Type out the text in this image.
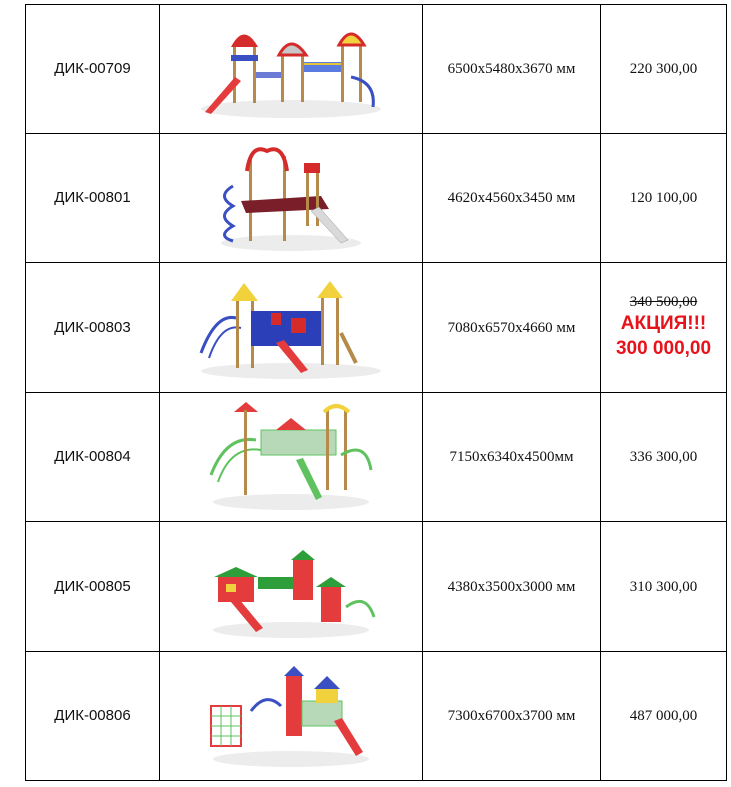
ДИК-00709		6500x5480x3670 мм	220 300,00
ДИК-00801		4620x4560x3450 мм	120 100,00
ДИК-00803		7080x6570x4660 мм	340 500,00
АКЦИЯ!!!
300 000,00

ДИК-00804		7150x6340x4500мм	336 300,00
ДИК-00805		4380x3500x3000 мм	310 300,00
ДИК-00806		7300x6700x3700 мм	487 000,00
